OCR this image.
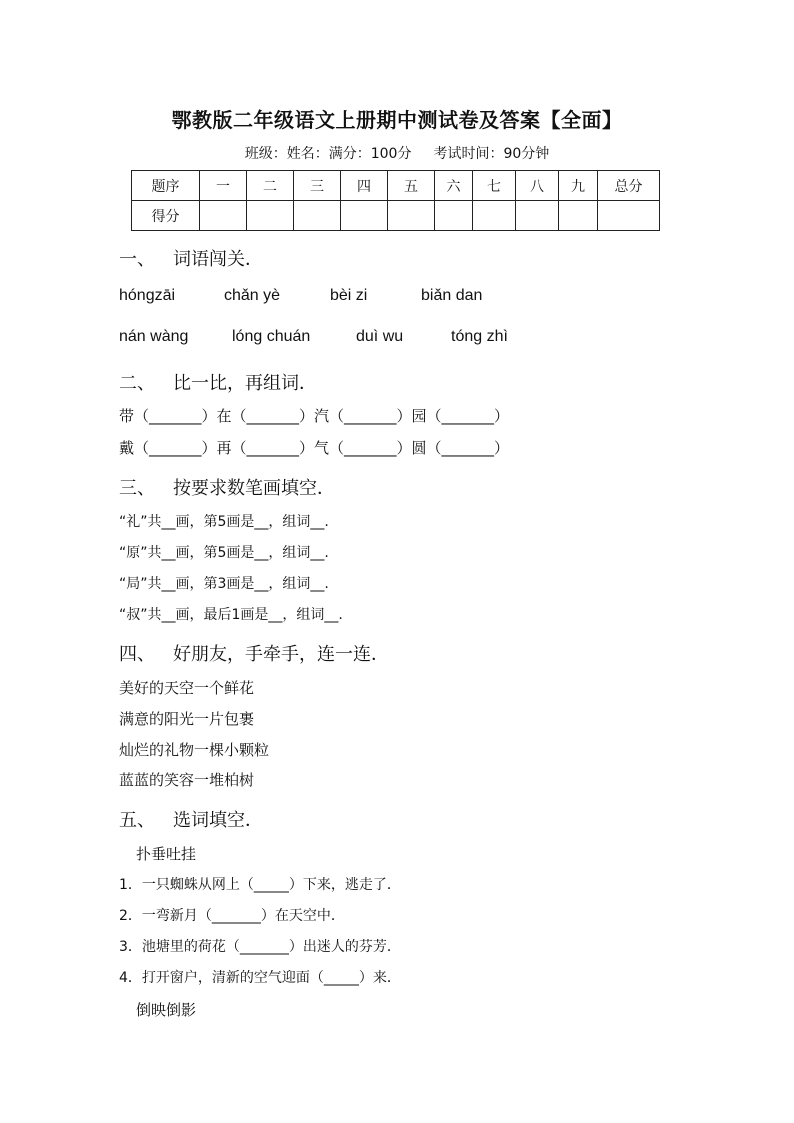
鄂教版二年级语文上册期中测试卷及答案【全面】
班级：姓名：满分：100分 考试时间：90分钟
题序	一	二	三	四	五	六	七	八	九	总分
得分										
一、 词语闯关．
hóngzāi	chǎn yè	bèi zi	biǎn dan
nán wàng	lóng chuán	duì wu	tóng zhì
二、 比一比，再组词．
带（_______）在（_______）汽（_______）园（_______）
戴（_______）再（_______）气（_______）圆（_______）
三、 按要求数笔画填空．
“礼”共__画，第5画是__，组词__.
“原”共__画，第5画是__，组词__.
“局”共__画，第3画是__，组词__.
“叔”共__画，最后1画是__，组词__.
四、 好朋友，手牵手，连一连．
美好的天空一个鲜花
满意的阳光一片包裹
灿烂的礼物一棵小颗粒
蓝蓝的笑容一堆柏树
五、 选词填空．
扑垂吐挂
1．一只蜘蛛从网上（_____）下来，逃走了．
2．一弯新月（_______）在天空中．
3．池塘里的荷花（_______）出迷人的芬芳．
4．打开窗户，清新的空气迎面（_____）来．
倒映倒影
